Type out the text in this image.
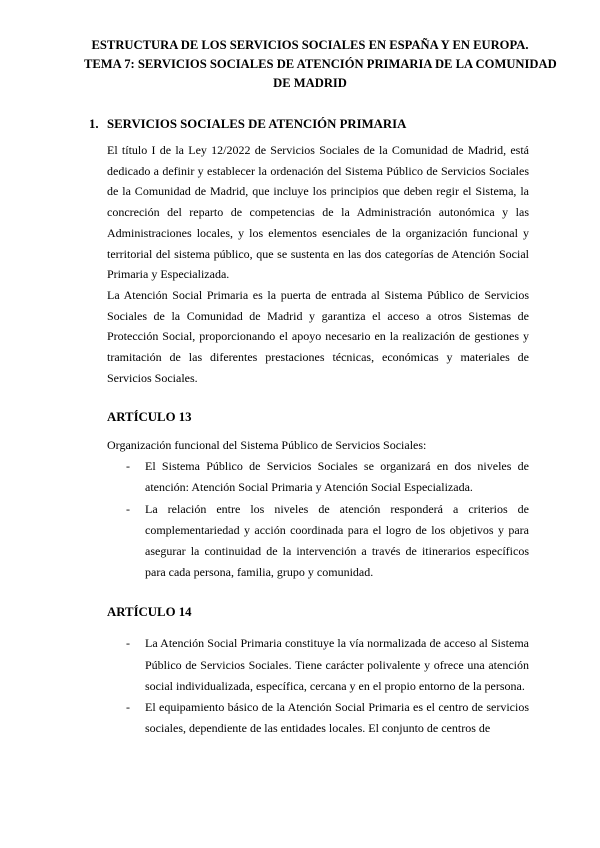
ESTRUCTURA DE LOS SERVICIOS SOCIALES EN ESPAÑA Y EN EUROPA.
TEMA 7: SERVICIOS SOCIALES DE ATENCIÓN PRIMARIA DE LA COMUNIDAD
DE MADRID
1. SERVICIOS SOCIALES DE ATENCIÓN PRIMARIA

El título I de la Ley 12/2022 de Servicios Sociales de la Comunidad de Madrid, está dedicado a definir y establecer la ordenación del Sistema Público de Servicios Sociales de la Comunidad de Madrid, que incluye los principios que deben regir el Sistema, la concreción del reparto de competencias de la Administración autonómica y las Administraciones locales, y los elementos esenciales de la organización funcional y territorial del sistema público, que se sustenta en las dos categorías de Atención Social Primaria y Especializada.

La Atención Social Primaria es la puerta de entrada al Sistema Público de Servicios Sociales de la Comunidad de Madrid y garantiza el acceso a otros Sistemas de Protección Social, proporcionando el apoyo necesario en la realización de gestiones y tramitación de las diferentes prestaciones técnicas, económicas y materiales de Servicios Sociales.

ARTÍCULO 13

Organización funcional del Sistema Público de Servicios Sociales:

- El Sistema Público de Servicios Sociales se organizará en dos niveles de atención: Atención Social Primaria y Atención Social Especializada.
- La relación entre los niveles de atención responderá a criterios de complementariedad y acción coordinada para el logro de los objetivos y para asegurar la continuidad de la intervención a través de itinerarios específicos para cada persona, familia, grupo y comunidad.
ARTÍCULO 14
- La Atención Social Primaria constituye la vía normalizada de acceso al Sistema Público de Servicios Sociales. Tiene carácter polivalente y ofrece una atención social individualizada, específica, cercana y en el propio entorno de la persona.
- El equipamiento básico de la Atención Social Primaria es el centro de servicios sociales, dependiente de las entidades locales. El conjunto de centros de
